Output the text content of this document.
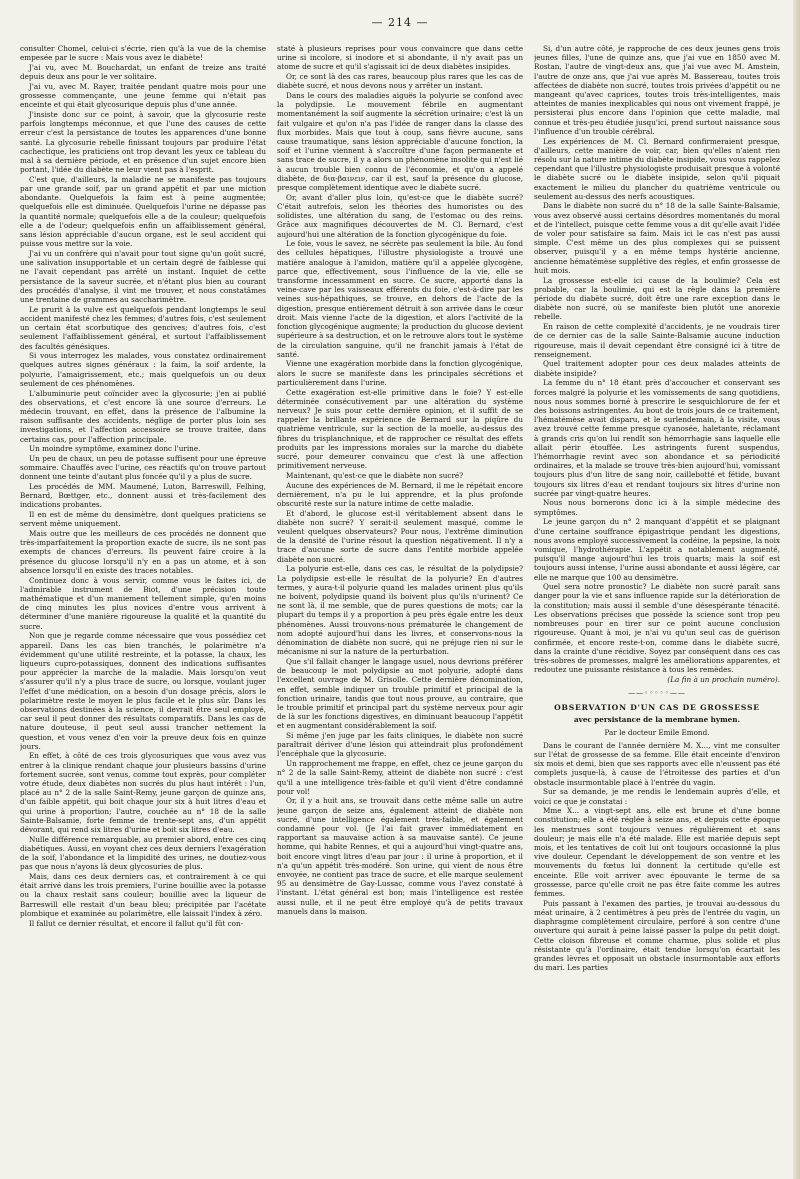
— 214 —

consulter Chomel, celui-ci s'écrie, rien qu'à la vue de la chemise empesée par le sucre : Mais vous avez le diabète!

J'ai vu, avec M. Bouchardat, un enfant de treize ans traité depuis deux ans pour le ver solitaire.

J'ai vu, avec M. Rayer, traitée pendant quatre mois pour une grossesse commençante, une jeune femme qui n'était pas enceinte et qui était glycosurique depuis plus d'une année.

J'insiste donc sur ce point, à savoir, que la glycosurie reste parfois longtemps méconnue, et que l'une des causes de cette erreur c'est la persistance de toutes les apparences d'une bonne santé. La glycosurie rebelle finissant toujours par produire l'état cachectique, les praticiens ont trop devant les yeux ce tableau du mal à sa dernière période, et en présence d'un sujet encore bien portant, l'idée du diabète ne leur vient pas à l'esprit.

C'est que, d'ailleurs, la maladie ne se manifeste pas toujours par une grande soif, par un grand appétit et par une miction abondante. Quelquefois la faim est à peine augmentée; quelquefois elle est diminuée. Quelquefois l'urine ne dépasse pas la quantité normale; quelquefois elle a de la couleur; quelquefois elle a de l'odeur; quelquefois enfin un affaiblissement général, sans lésion appréciable d'aucun organe, est le seul accident qui puisse vous mettre sur la voie.

J'ai vu un confrère qui n'avait pour tout signe qu'un goût sucré, une salivation insupportable et un certain degré de faiblesse qui ne l'avait cependant pas arrêté un instant. Inquiet de cette persistance de la saveur sucrée, et n'étant plus bien au courant des procédés d'analyse, il vint me trouver, et nous constatâmes une trentaine de grammes au saccharimètre.

Le prurit à la vulve est quelquefois pendant longtemps le seul accident manifesté chez les femmes; d'autres fois, c'est seulement un certain état scorbutique des gencives; d'autres fois, c'est seulement l'affaiblissement général, et surtout l'affaiblissement des facultés génésiques.

Si vous interrogez les malades, vous constatez ordinairement quelques autres signes généraux : la faim, la soif ardente, la polyurie, l'amaigrissement, etc.; mais quelquefois un ou deux seulement de ces phénomènes.

L'albuminurie peut coïncider avec la glycosurie; j'en ai publié des observations, et c'est encore là une source d'erreurs. Le médecin trouvant, en effet, dans la présence de l'albumine la raison suffisante des accidents, néglige de porter plus loin ses investigations, et l'affection accessoire se trouve traitée, dans certains cas, pour l'affection principale.

Un moindre symptôme, examinez donc l'urine.

Un peu de chaux, un peu de potasse suffisent pour une épreuve sommaire. Chauffés avec l'urine, ces réactifs qu'on trouve partout donnent une teinte d'autant plus foncée qu'il y a plus de sucre.

Les procédés de MM. Maumené, Luton, Barreswill, Felhing, Bernard, Bœttger, etc., donnent aussi et très-facilement des indications probantes.

Il en est de même du densimètre, dont quelques praticiens se servent même uniquement.

Mais outre que les meilleurs de ces procédés ne donnent que très-imparfaitement la proportion exacte de sucre, ils ne sont pas exempts de chances d'erreurs. Ils peuvent faire croire à la présence du glucose lorsqu'il n'y en a pas un atome, et à son absence lorsqu'il en existe des traces notables.

Continuez donc à vous servir, comme vous le faites ici, de l'admirable instrument de Biot, d'une précision toute mathématique et d'un maniement tellement simple, qu'en moins de cinq minutes les plus novices d'entre vous arrivent à déterminer d'une manière rigoureuse la qualité et la quantité du sucre.

Non que je regarde comme nécessaire que vous possédiez cet appareil. Dans les cas bien tranchés, le polarimètre n'a évidemment qu'une utilité restreinte, et la potasse, la chaux, les liqueurs cupro-potassiques, donnent des indications suffisantes pour apprécier la marche de la maladie. Mais lorsqu'on veut s'assurer qu'il n'y a plus trace de sucre, ou lorsque, voulant juger l'effet d'une médication, on a besoin d'un dosage précis, alors le polarimètre reste le moyen le plus facile et le plus sûr. Dans les observations destinées à la science, il devrait être seul employé, car seul il peut donner des résultats comparatifs. Dans les cas de nature douteuse, il peut seul aussi trancher nettement la question, et vous venez d'en voir la preuve deux fois en quinze jours.

En effet, à côté de ces trois glycosuriques que vous avez vus entrer à la clinique rendant chaque jour plusieurs bassins d'urine fortement sucrée, sont venus, comme tout exprès, pour compléter votre étude, deux diabètes non sucrés du plus haut intérêt : l'un, placé au n° 2 de la salle Saint-Remy, jeune garçon de quinze ans, d'un faible appétit, qui boit chaque jour six à huit litres d'eau et qui urine à proportion; l'autre, couchée au n° 18 de la salle Sainte-Balsamie, forte femme de trente-sept ans, d'un appétit dévorant, qui rend six litres d'urine et boit six litres d'eau.

Nulle différence remarquable, au premier abord, entre ces cinq diabétiques. Aussi, en voyant chez ces deux derniers l'exagération de la soif, l'abondance et la limpidité des urines, ne doutiez-vous pas que nous n'ayons là deux glycosuries de plus.

Mais, dans ces deux derniers cas, et contrairement à ce qui était arrivé dans les trois premiers, l'urine bouillie avec la potasse ou la chaux restait sans couleur; bouillie avec la liqueur de Barreswill elle restait d'un beau bleu; précipitée par l'acétate plombique et examinée au polarimètre, elle laissait l'index à zéro.

Il fallut ce dernier résultat, et encore il fallut qu'il fût con-

staté à plusieurs reprises pour vous convaincre que dans cette urine si incolore, si inodore et si abondante, il n'y avait pas un atome de sucre et qu'il s'agissait ici de deux diabètes insipides.

Or, ce sont là des cas rares, beaucoup plus rares que les cas de diabète sucré, et nous devons nous y arrêter un instant.

Dans le cours des maladies aiguës la polyurie se confond avec la polydipsie. Le mouvement fébrile en augmentant momentanément la soif augmente la sécrétion urinaire; c'est là un fait vulgaire et qu'on n'a pas l'idée de ranger dans la classe des flux morbides. Mais que tout à coup, sans fièvre aucune, sans cause traumatique, sans lésion appréciable d'aucune fonction, la soif et l'urine viennent à s'accroître d'une façon permanente et sans trace de sucre, il y a alors un phénomène insolite qui n'est lié à aucun trouble bien connu de l'économie, et qu'on a appelé diabète, de δια-βαινειν, car il est, sauf la présence du glucose, presque complètement identique avec le diabète sucré.

Or, avant d'aller plus loin, qu'est-ce que le diabète sucré? C'était autrefois, selon les théories des humoristes ou des solidistes, une altération du sang, de l'estomac ou des reins. Grâce aux magnifiques découvertes de M. Cl. Bernard, c'est aujourd'hui une altération de la fonction glycogénique du foie.

Le foie, vous le savez, ne sécrète pas seulement la bile. Au fond des cellules hépatiques, l'illustre physiologiste a trouvé une matière analogue à l'amidon, matière qu'il a appelée glycogène, parce que, effectivement, sous l'influence de la vie, elle se transforme incessamment en sucre. Ce sucre, apporté dans la veine-cave par les vaisseaux efférents du foie, c'est-à-dire par les veines sus-hépathiques, se trouve, en dehors de l'acte de la digestion, presque entièrement détruit à son arrivée dans le cœur droit. Mais vienne l'acte de la digestion, et alors l'activité de la fonction glycogénique augmente; la production du glucose devient supérieure à sa destruction, et on le retrouve alors tout le système de la circulation sanguine, qu'il ne franchit jamais à l'état de santé.

Vienne une exagération morbide dans la fonction glycogénique, alors le sucre se manifeste dans les principales sécrétions et particulièrement dans l'urine.

Cette exagération est-elle primitive dans le foie? Y est-elle déterminée consécutivement par une altération du système nerveux? Je suis pour cette dernière opinion, et il suffit de se rappeler la brillante expérience de Bernard sur la piqûre du quatrième ventricule, sur la section de la moelle, au-dessus des fibres du trisplanchnique, et de rapprocher ce résultat des effets produits par les impressions morales sur la marche du diabète sucré, pour demeurer convaincu que c'est là une affection primitivement nerveuse.

Maintenant, qu'est-ce que le diabète non sucré?

Aucune des expériences de M. Bernard, il me le répétait encore dernièrement, n'a pu le lui apprendre, et la plus profonde obscurité reste sur la nature intime de cette maladie.

Et d'abord, le glucose est-il véritablement absent dans le diabète non sucré? Y serait-il seulement masqué, comme le veulent quelques observateurs? Pour nous, l'extrême diminution de la densité de l'urine résout la question négativement. Il n'y a trace d'aucune sorte de sucre dans l'entité morbide appelée diabète non sucré.

La polyurie est-elle, dans ces cas, le résultat de la polydipsie? La polydipsie est-elle le résultat de la polyurie? En d'autres termes, y aura-t-il polyurie quand les malades urinent plus qu'ils ne boivent, polydipsie quand ils boivent plus qu'ils n'urinent? Ce ne sont là, il me semble, que de pures questions de mots; car la plupart du temps il y a proportion à peu près égale entre les deux phénomènes. Aussi trouvons-nous prématurée le changement de nom adopté aujourd'hui dans les livres, et conservons-nous la dénomination de diabète non sucré, qui ne préjuge rien ni sur le mécanisme ni sur la nature de la perturbation.

Que s'il fallait changer le langage usuel, nous devrions préférer de beaucoup le mot polydipsie au mot polyurie, adopté dans l'excellent ouvrage de M. Grisolle. Cette dernière dénomination, en effet, semble indiquer un trouble primitif et principal de la fonction urinaire, tandis que tout nous prouve, au contraire, que le trouble primitif et principal part du système nerveux pour agir de là sur les fonctions digestives, en diminuant beaucoup l'appétit et en augmentant considérablement la soif.

Si même j'en juge par les faits cliniques, le diabète non sucré paraîtrait dériver d'une lésion qui atteindrait plus profondément l'encéphale que la glycosurie.

Un rapprochement me frappe, en effet, chez ce jeune garçon du n° 2 de la salle Saint-Remy, atteint de diabète non sucré : c'est qu'il a une intelligence très-faible et qu'il vient d'être condamné pour vol!

Or, il y a huit ans, se trouvait dans cette même salle un autre jeune garçon de seize ans, également atteint de diabète non sucré, d'une intelligence également très-faible, et également condamné pour vol. (Je l'ai fait graver immédiatement en rapportant sa mauvaise action à sa mauvaise santé). Ce jeune homme, qui habite Rennes, et qui a aujourd'hui vingt-quatre ans, boit encore vingt litres d'eau par jour : il urine à proportion, et il n'a qu'un appétit très-modéré. Son urine, qui vient de nous être envoyée, ne contient pas trace de sucre, et elle marque seulement 95 au densimètre de Gay-Lussac, comme vous l'avez constaté à l'instant. L'état général est bon; mais l'intelligence est restée aussi nulle, et il ne peut être employé qu'à de petits travaux manuels dans la maison.

Si, d'un autre côté, je rapproche de ces deux jeunes gens trois jeunes filles, l'une de quinze ans, que j'ai vue en 1850 avec M. Rostan, l'autre de vingt-deux ans, que j'ai vue avec M. Amstein, l'autre de onze ans, que j'ai vue après M. Bassereau, toutes trois affectées de diabète non sucré, toutes trois privées d'appétit ou ne mangeant qu'avec caprices, toutes trois très-intelligentes, mais atteintes de manies inexplicables qui nous ont vivement frappé, je persisterai plus encore dans l'opinion que cette maladie, mal connue et très-peu étudiée jusqu'ici, prend surtout naissance sous l'influence d'un trouble cérébral.

Les expériences de M. Cl. Bernard confirmeraient presque, d'ailleurs, cette manière de voir, car, bien qu'elles n'aient rien résolu sur la nature intime du diabète insipide, vous vous rappelez cependant que l'illustre physiologiste produisait presque à volonté le diabète sucré ou le diabète insipide, selon qu'il piquait exactement le milieu du plancher du quatrième ventricule ou seulement au-dessus des nerfs acoustiques.

Dans le diabète non sucré du n° 18 de la salle Sainte-Balsamie, vous avez observé aussi certains désordres momentanés du moral et de l'intellect, puisque cette femme vous a dit qu'elle avait l'idée de voler pour satisfaire sa faim. Mais ici le cas n'est pas aussi simple. C'est même un des plus complexes qui se puissent observer, puisqu'il y a en même temps hystérie ancienne, ancienne hématémèse supplétive des règles, et enfin grossesse de huit mois.

La grossesse est-elle ici cause de la boulimie? Cela est probable, car la boulimie, qui est la règle dans la première période du diabète sucré, doit être une rare exception dans le diabète non sucré, où se manifeste bien plutôt une anorexie rebelle.

En raison de cette complexité d'accidents, je ne voudrais tirer de ce dernier cas de la salle Sainte-Balsamie aucune induction rigoureuse, mais il devait cependant être consigné ici à titre de renseignement.

Quel traitement adopter pour ces deux malades atteints de diabète insipide?

La femme du n° 18 étant près d'accoucher et conservant ses forces malgré la polyurie et les vomissements de sang quotidiens, nous nous sommes borné à prescrire le sesquichlorure de fer et des boissons astringentes. Au bout de trois jours de ce traitement, l'hématémèse avait disparu, et le surlendemain, à la visite, vous avez trouvé cette femme presque cyanosée, haletante, réclamant à grands cris qu'on lui rendît son hémorrhagie sans laquelle elle allait périr étouffée. Les astringents furent suspendus, l'hémorrhagie revint avec son abondance et sa périodicité ordinaires, et la malade se trouve très-bien aujourd'hui, vomissant toujours plus d'un litre de sang noir, caillebotté et fétide, buvant toujours six litres d'eau et rendant toujours six litres d'urine non sucrée par vingt-quatre heures.

Nous nous bornerons donc ici à la simple médecine des symptômes.

Le jeune garçon du n° 2 manquant d'appétit et se plaignant d'une certaine souffrance épigastrique pendant les digestions, nous avons employé successivement la codéine, la pepsine, la noix vomique, l'hydrothérapie. L'appétit a notablement augmenté, puisqu'il mange aujourd'hui les trois quarts; mais la soif est toujours aussi intense, l'urine aussi abondante et aussi légère, car elle ne marque que 100 au densimètre.

Quel sera notre pronostic? Le diabète non sucré paraît sans danger pour la vie et sans influence rapide sur la détérioration de la constitution; mais aussi il semble d'une désespérante ténacité. Les observations précises que possède la science sont trop peu nombreuses pour en tirer sur ce point aucune conclusion rigoureuse. Quant à moi, je n'ai vu qu'un seul cas de guérison confirmée, et encore reste-t-on, comme dans le diabète sucré, dans la crainte d'une récidive. Soyez par conséquent dans ces cas très-sobres de promesses, malgré les améliorations apparentes, et redoutez une puissante résistance à tous les remèdes.

(La fin à un prochain numéro).

——◦◦◦◦◦——
OBSERVATION D'UN CAS DE GROSSESSE
avec persistance de la membrane hymen.
Par le docteur Emile Emond.

Dans le courant de l'année dernière M. X..., vint me consulter sur l'état de grossesse de sa femme. Elle était enceinte d'environ six mois et demi, bien que ses rapports avec elle n'eussent pas été complets jusque-là, à cause de l'étroitesse des parties et d'un obstacle insurmontable placé à l'entrée du vagin.

Sur sa demande, je me rendis le lendemain auprès d'elle, et voici ce que je constatai :

Mme X... a vingt-sept ans, elle est brune et d'une bonne constitution; elle a été réglée à seize ans, et depuis cette époque les menstrues sont toujours venues régulièrement et sans douleur; je mais elle n'a été malade. Elle est mariée depuis sept mois, et les tentatives de coït lui ont toujours occasionné la plus vive douleur. Cependant le développement de son ventre et les mouvements du fœtus lui donnent la certitude qu'elle est enceinte. Elle voit arriver avec épouvante le terme de sa grossesse, parce qu'elle croit ne pas être faite comme les autres femmes.

Puis passant à l'examen des parties, je trouvai au-dessous du méat urinaire, à 2 centimètres à peu près de l'entrée du vagin, un diaphragme complètement circulaire, perforé à son centre d'une ouverture qui aurait à peine laissé passer la pulpe du petit doigt. Cette cloison fibreuse et comme charnue, plus solide et plus résistante qu'à l'ordinaire, était tendue lorsqu'on écartait les grandes lèvres et opposait un obstacle insurmontable aux efforts du mari. Les parties
